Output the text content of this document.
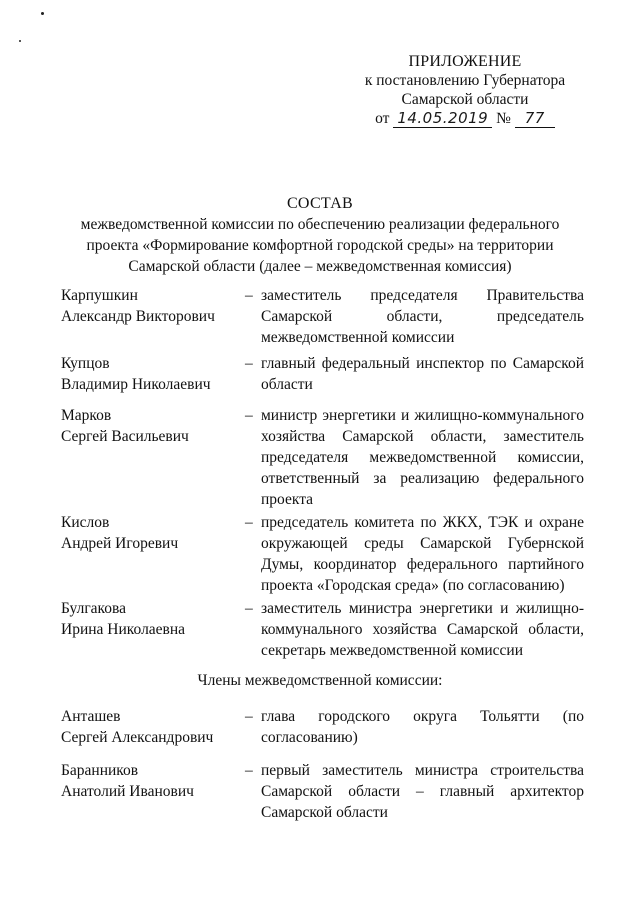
ПРИЛОЖЕНИЕ
к постановлению Губернатора
Самарской области
от 14.05.2019 № 77
СОСТАВ
межведомственной комиссии по обеспечению реализации федерального
проекта «Формирование комфортной городской среды» на территории
Самарской области (далее – межведомственная комиссия)
Карпушкин
Александр Викторович
– заместитель председателя Правительства Самарской области, председатель межведомственной комиссии
Купцов
Владимир Николаевич
– главный федеральный инспектор по Самарской области
Марков
Сергей Васильевич
– министр энергетики и жилищно-коммунального хозяйства Самарской области, заместитель председателя межведомственной комиссии, ответственный за реализацию федерального проекта
Кислов
Андрей Игоревич
– председатель комитета по ЖКХ, ТЭК и охране окружающей среды Самарской Губернской Думы, координатор федерального партийного проекта «Городская среда» (по согласованию)
Булгакова
Ирина Николаевна
– заместитель министра энергетики и жилищно-коммунального хозяйства Самарской области, секретарь межведомственной комиссии
Члены межведомственной комиссии:
Анташев
Сергей Александрович
– глава городского округа Тольятти (по согласованию)
Баранников
Анатолий Иванович
– первый заместитель министра строительства Самарской области – главный архитектор Самарской области
